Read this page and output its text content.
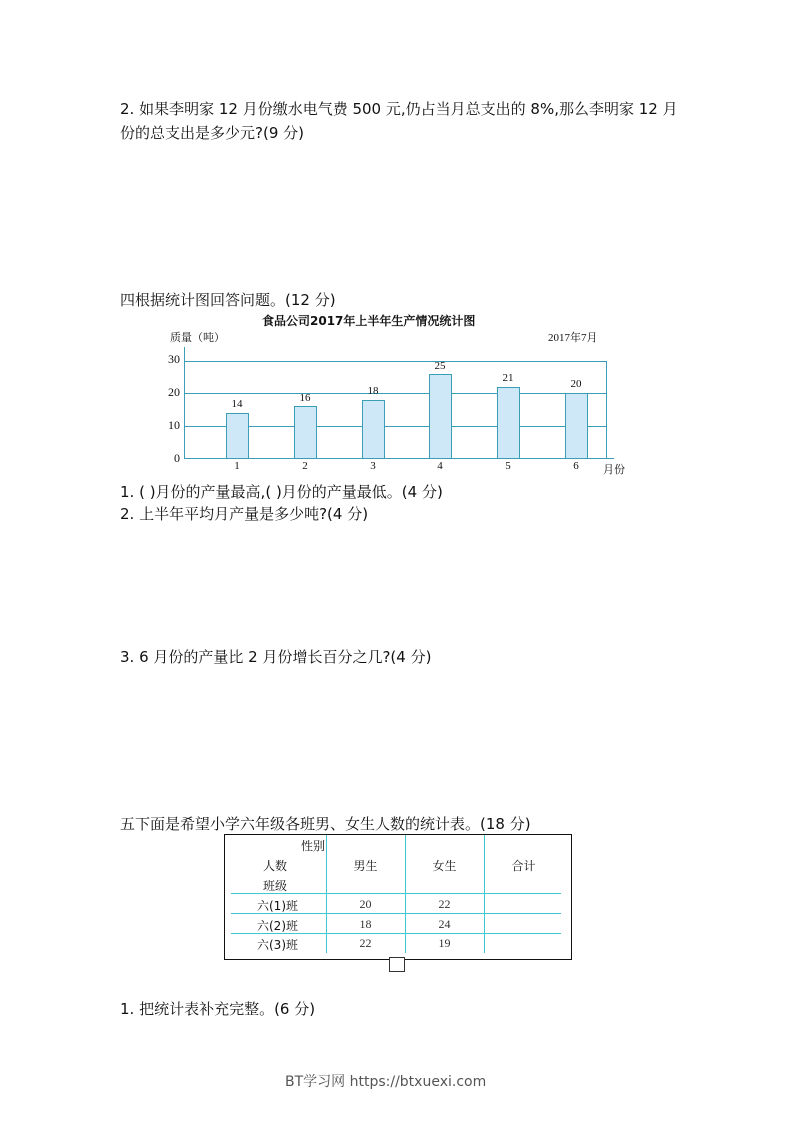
2. 如果李明家 12 月份缴水电气费 500 元,仍占当月总支出的 8%,那么李明家 12 月
份的总支出是多少元?(9 分)
四根据统计图回答问题。(12 分)
食品公司2017年上半年生产情况统计图
质量（吨）	2017年7月
30
20
10
0
14	16
18
25
21	20
1	2	3	4	5	6	月份
1. ( )月份的产量最高,( )月份的产量最低。(4 分)
2. 上半年平均月产量是多少吨?(4 分)
3. 6 月份的产量比 2 月份增长百分之几?(4 分)
五下面是希望小学六年级各班男、女生人数的统计表。(18 分)
性别
人数
班级
男生	女生	合计
六(1)班	20	22
六(2)班	18	24
六(3)班	22	19
1. 把统计表补充完整。(6 分)
BT学习网 https://btxuexi.com
